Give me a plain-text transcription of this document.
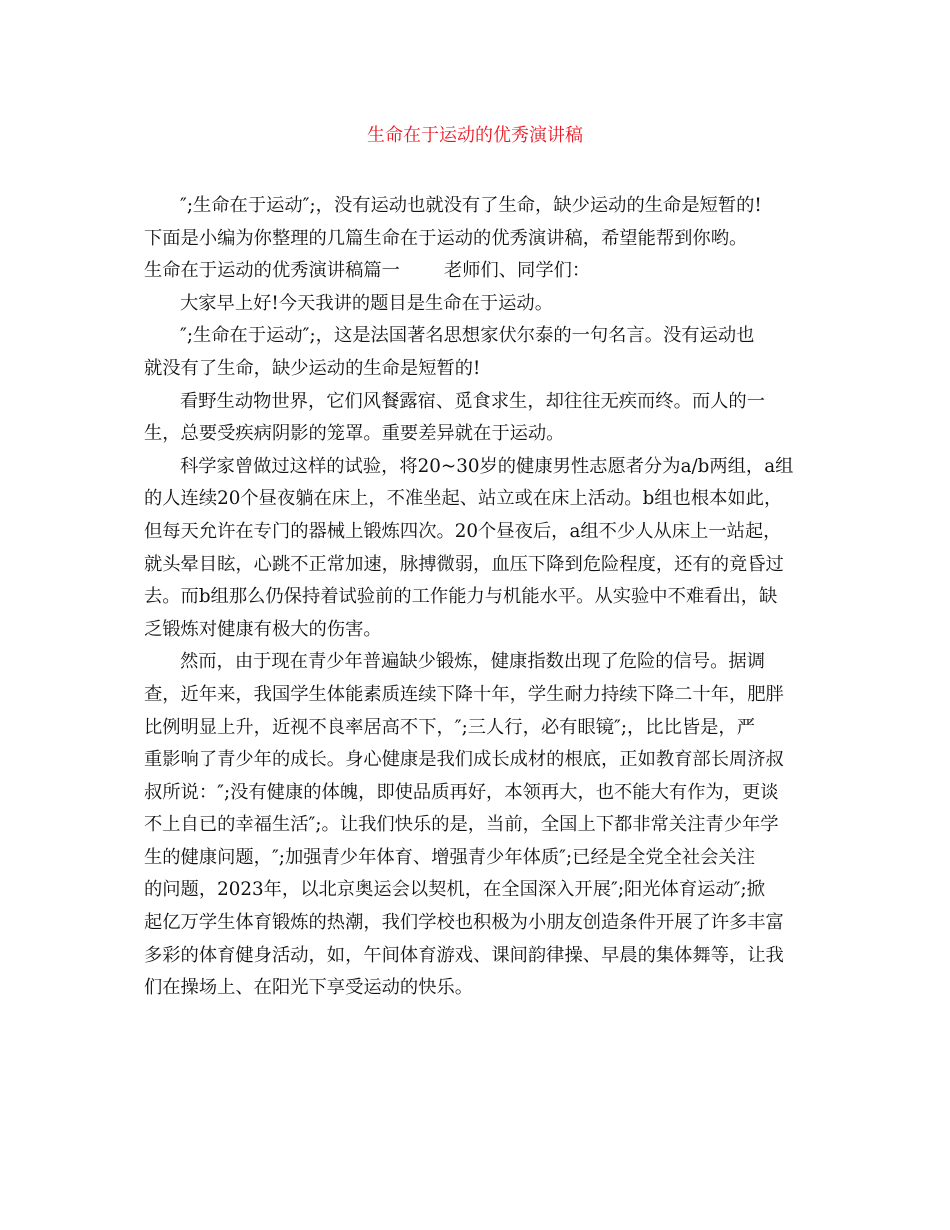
生命在于运动的优秀演讲稿
″;生命在于运动″;，没有运动也就没有了生命，缺少运动的生命是短暂的!
下面是小编为你整理的几篇生命在于运动的优秀演讲稿，希望能帮到你哟。
生命在于运动的优秀演讲稿篇一 老师们、同学们：
大家早上好!今天我讲的题目是生命在于运动。
″;生命在于运动″;，这是法国著名思想家伏尔泰的一句名言。没有运动也
就没有了生命，缺少运动的生命是短暂的!
看野生动物世界，它们风餐露宿、觅食求生，却往往无疾而终。而人的一
生，总要受疾病阴影的笼罩。重要差异就在于运动。
科学家曾做过这样的试验，将20~30岁的健康男性志愿者分为a/b两组，a组
的人连续20个昼夜躺在床上，不准坐起、站立或在床上活动。b组也根本如此，
但每天允许在专门的器械上锻炼四次。20个昼夜后，a组不少人从床上一站起，
就头晕目眩，心跳不正常加速，脉搏微弱，血压下降到危险程度，还有的竟昏过
去。而b组那么仍保持着试验前的工作能力与机能水平。从实验中不难看出，缺
乏锻炼对健康有极大的伤害。
然而，由于现在青少年普遍缺少锻炼，健康指数出现了危险的信号。据调
查，近年来，我国学生体能素质连续下降十年，学生耐力持续下降二十年，肥胖
比例明显上升，近视不良率居高不下，″;三人行，必有眼镜″;，比比皆是，严
重影响了青少年的成长。身心健康是我们成长成材的根底，正如教育部长周济叔
叔所说：″;没有健康的体魄，即使品质再好，本领再大，也不能大有作为，更谈
不上自已的幸福生活″;。让我们快乐的是，当前，全国上下都非常关注青少年学
生的健康问题，″;加强青少年体育、增强青少年体质″;已经是全党全社会关注
的问题，2023年，以北京奥运会以契机，在全国深入开展″;阳光体育运动″;掀
起亿万学生体育锻炼的热潮，我们学校也积极为小朋友创造条件开展了许多丰富
多彩的体育健身活动，如，午间体育游戏、课间韵律操、早晨的集体舞等，让我
们在操场上、在阳光下享受运动的快乐。
